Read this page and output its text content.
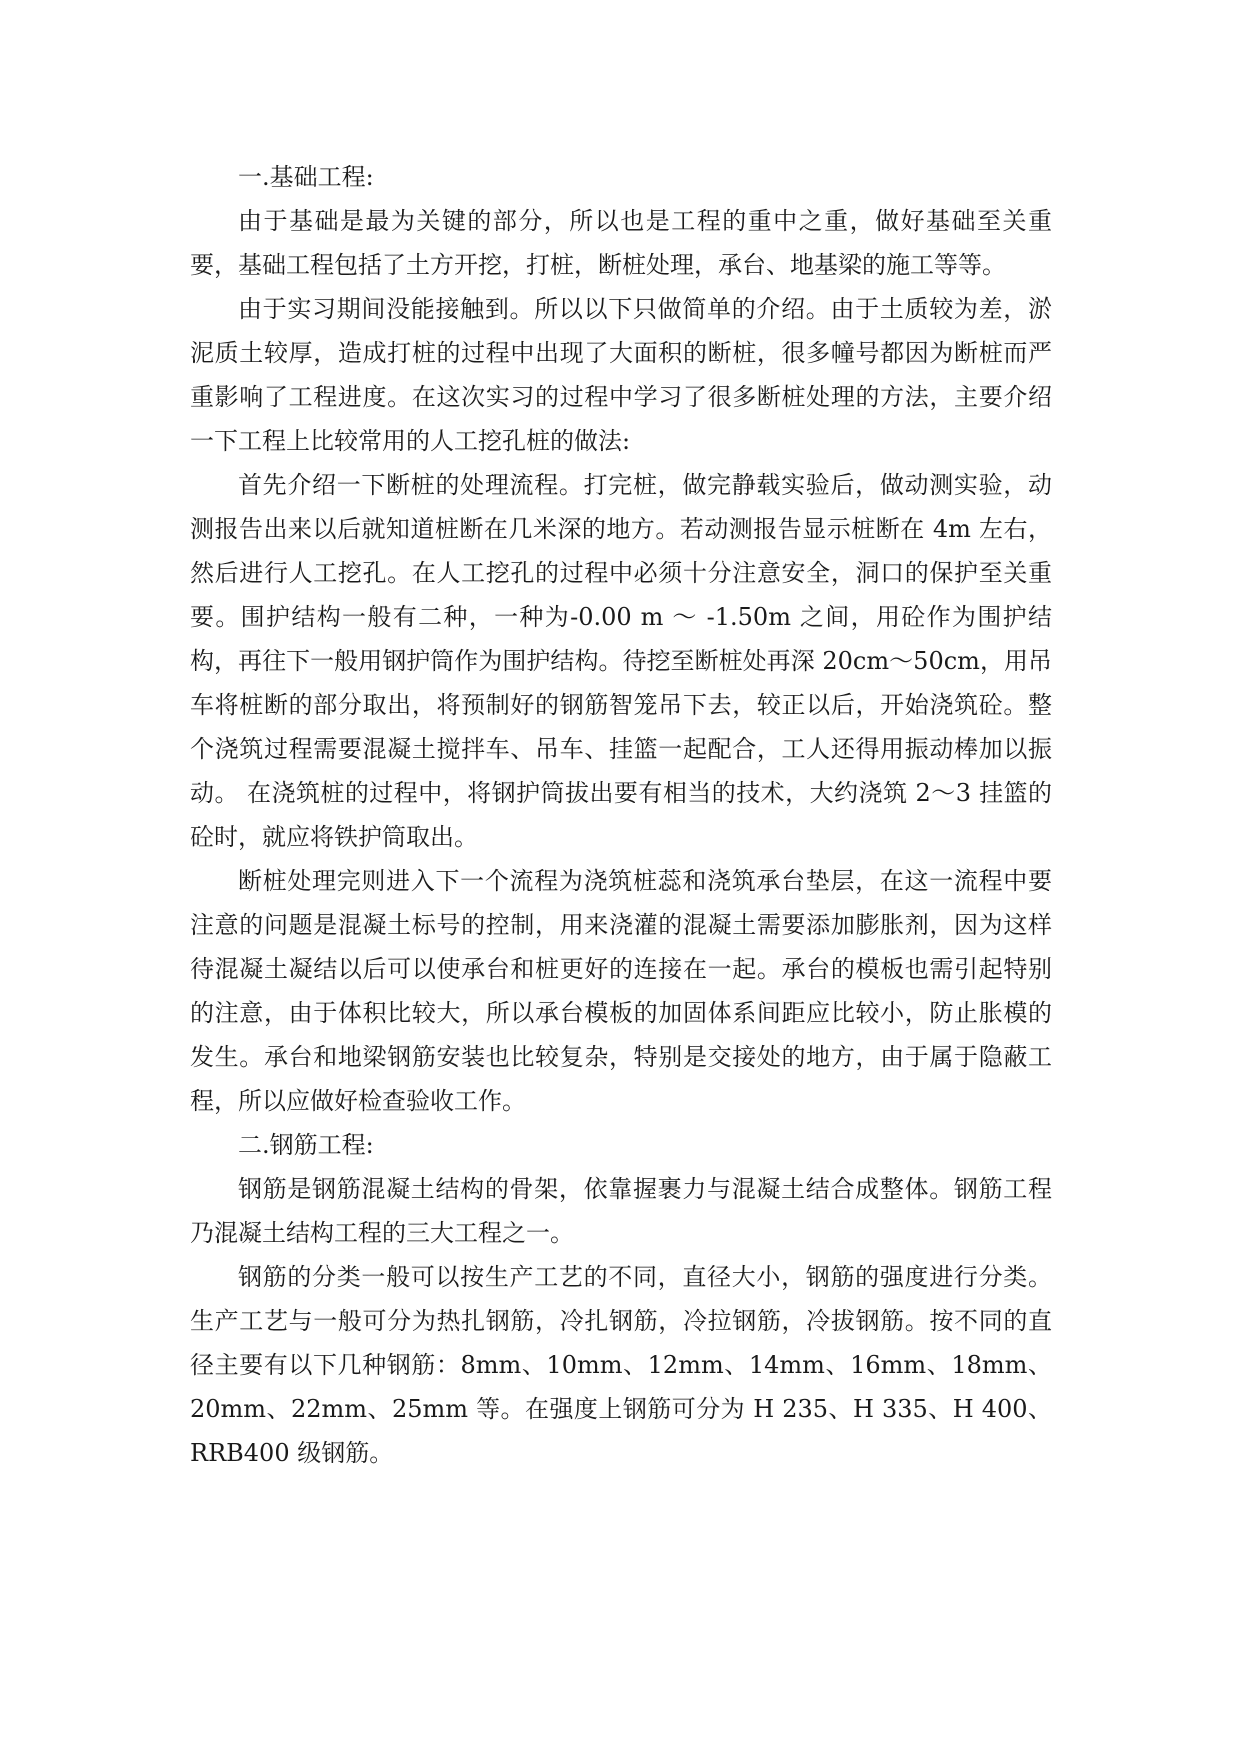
一.基础工程:

由于基础是最为关键的部分，所以也是工程的重中之重，做好基础至关重要，基础工程包括了土方开挖，打桩，断桩处理，承台、地基梁的施工等等。

由于实习期间没能接触到。所以以下只做简单的介绍。由于土质较为差，淤泥质土较厚，造成打桩的过程中出现了大面积的断桩，很多幢号都因为断桩而严重影响了工程进度。在这次实习的过程中学习了很多断桩处理的方法，主要介绍一下工程上比较常用的人工挖孔桩的做法:

首先介绍一下断桩的处理流程。打完桩，做完静载实验后，做动测实验，动测报告出来以后就知道桩断在几米深的地方。若动测报告显示桩断在 4m 左右，然后进行人工挖孔。在人工挖孔的过程中必须十分注意安全，洞口的保护至关重要。围护结构一般有二种，一种为-0.00 m ～ -1.50m 之间，用砼作为围护结构，再往下一般用钢护筒作为围护结构。待挖至断桩处再深 20cm～50cm，用吊车将桩断的部分取出，将预制好的钢筋智笼吊下去，较正以后，开始浇筑砼。整个浇筑过程需要混凝土搅拌车、吊车、挂篮一起配合，工人还得用振动棒加以振动。 在浇筑桩的过程中，将钢护筒拔出要有相当的技术，大约浇筑 2～3 挂篮的砼时，就应将铁护筒取出。

断桩处理完则进入下一个流程为浇筑桩蕊和浇筑承台垫层，在这一流程中要注意的问题是混凝土标号的控制，用来浇灌的混凝土需要添加膨胀剂，因为这样待混凝土凝结以后可以使承台和桩更好的连接在一起。承台的模板也需引起特别的注意，由于体积比较大，所以承台模板的加固体系间距应比较小，防止胀模的发生。承台和地梁钢筋安装也比较复杂，特别是交接处的地方，由于属于隐蔽工程，所以应做好检查验收工作。

二.钢筋工程:

钢筋是钢筋混凝土结构的骨架，依靠握裹力与混凝土结合成整体。钢筋工程乃混凝土结构工程的三大工程之一。

钢筋的分类一般可以按生产工艺的不同，直径大小，钢筋的强度进行分类。生产工艺与一般可分为热扎钢筋，冷扎钢筋，冷拉钢筋，冷拔钢筋。按不同的直径主要有以下几种钢筋：8mm、10mm、12mm、14mm、16mm、18mm、20mm、22mm、25mm 等。在强度上钢筋可分为 H 235、H 335、H 400、RRB400 级钢筋。
